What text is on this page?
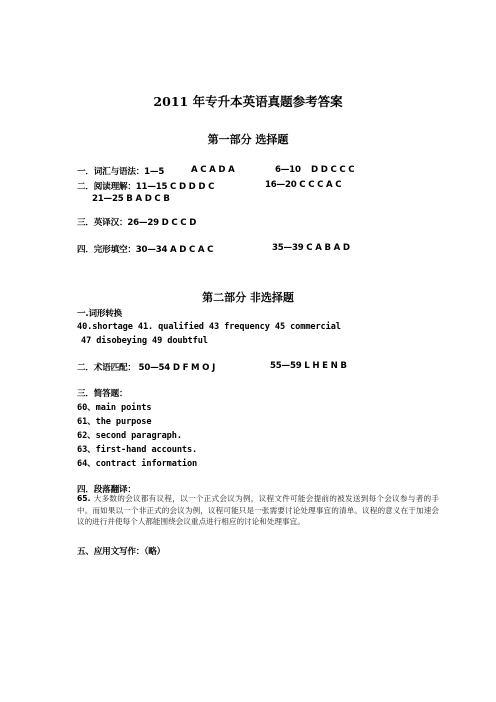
2011 年专升本英语真题参考答案
第一部分 选择题
一．词汇与语法：1—5	A C A D A	6—10 D D C C C
二．阅读理解：11—15 C D D D C	16—20 C C C A C
21—25 B A D C B
三．英译汉：26—29 D C C D
四．完形填空：30—34 A D C A C	35—39 C A B A D
第二部分 非选择题
一.词形转换
40.shortage 41. qualified 43 frequency 45 commercial
47 disobeying 49 doubtful
二．术语匹配： 50—54 D F M O J	55—59 L H E N B
三．简答题：
60、main points
61、the purpose
62、second paragraph.
63、first-hand accounts.
64、contract information
四．段落翻译：
65. 大多数的会议都有议程，以一个正式会议为例，议程文件可能会提前的被发送到每个会议参与者的手中。而如果以一个非正式的会议为例，议程可能只是一张需要讨论处理事宜的清单。议程的意义在于加速会议的进行并使每个人都能围绕会议重点进行相应的讨论和处理事宜。
五、应用文写作：（略）
